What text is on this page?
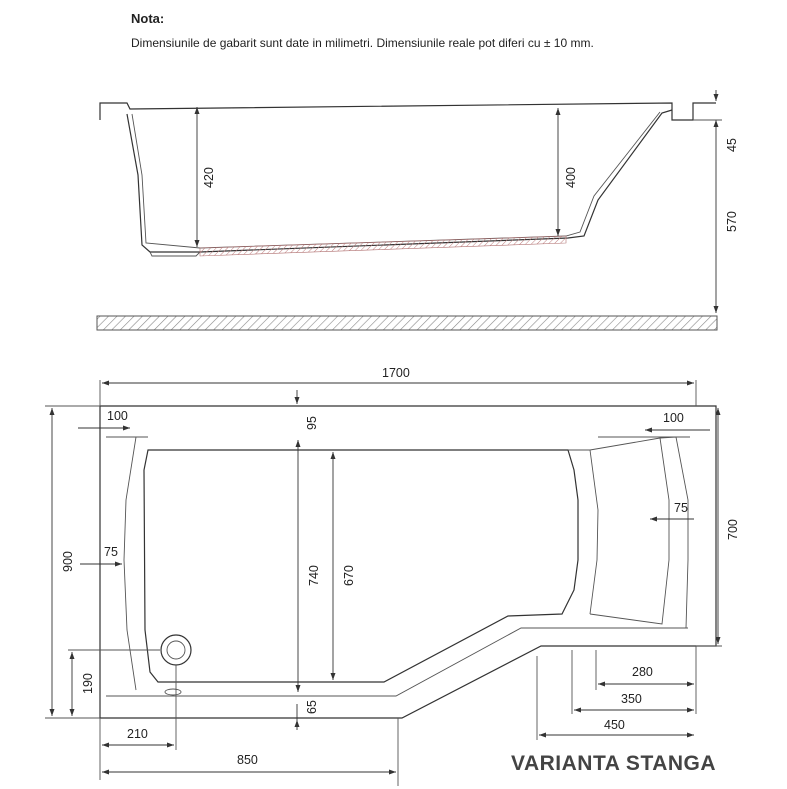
Nota:
Dimensiunile de gabarit sunt date in milimetri. Dimensiunile reale pot diferi cu ± 10 mm.
420	400
45
570
1700
900
100
95	100
700
740 670
75
75
190
210
65
850
280
350
450
VARIANTA STANGA
